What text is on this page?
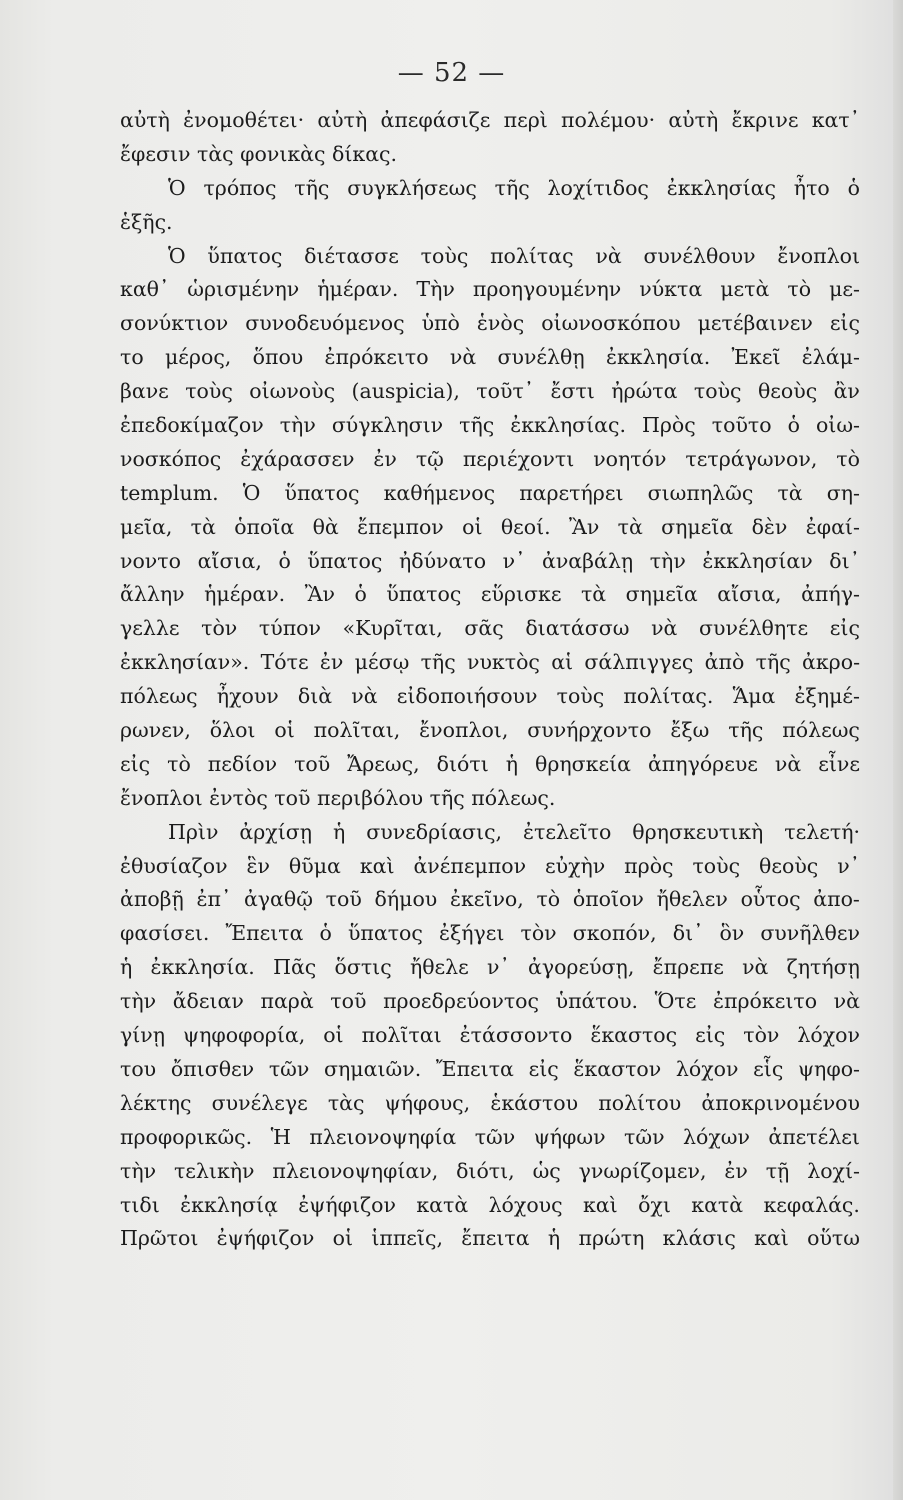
— 52 —
αὐτὴ ἐνομοθέτει· αὐτὴ ἀπεφάσιζε περὶ πολέμου· αὐτὴ ἔκρινε κατ᾽
ἔφεσιν τὰς φονικὰς δίκας.
Ὁ τρόπος τῆς συγκλήσεως τῆς λοχίτιδος ἐκκλησίας ἦτο ὁ
ἑξῆς.
Ὁ ὕπατος διέτασσε τοὺς πολίτας νὰ συνέλθουν ἔνοπλοι
καθ᾽ ὡρισμένην ἡμέραν. Τὴν προηγουμένην νύκτα μετὰ τὸ με-
σονύκτιον συνοδευόμενος ὑπὸ ἑνὸς οἰωνοσκόπου μετέβαινεν εἰς
το μέρος, ὅπου ἐπρόκειτο νὰ συνέλθῃ ἐκκλησία. Ἐκεῖ ἐλάμ-
βανε τοὺς οἰωνοὺς (auspicia), τοῦτ᾽ ἔστι ἠρώτα τοὺς θεοὺς ἂν
ἐπεδοκίμαζον τὴν σύγκλησιν τῆς ἐκκλησίας. Πρὸς τοῦτο ὁ οἰω-
νοσκόπος ἐχάρασσεν ἐν τῷ περιέχοντι νοητόν τετράγωνον, τὸ
templum. Ὁ ὕπατος καθήμενος παρετήρει σιωπηλῶς τὰ ση-
μεῖα, τὰ ὁποῖα θὰ ἔπεμπον οἱ θεοί. Ἂν τὰ σημεῖα δὲν ἐφαί-
νοντο αἴσια, ὁ ὕπατος ἠδύνατο ν᾽ ἀναβάλῃ τὴν ἐκκλησίαν δι᾽
ἄλλην ἡμέραν. Ἂν ὁ ὕπατος εὕρισκε τὰ σημεῖα αἴσια, ἀπήγ-
γελλε τὸν τύπον «Κυρῖται, σᾶς διατάσσω νὰ συνέλθητε εἰς
ἐκκλησίαν». Τότε ἐν μέσῳ τῆς νυκτὸς αἱ σάλπιγγες ἀπὸ τῆς ἀκρο-
πόλεως ἦχουν διὰ νὰ εἰδοποιήσουν τοὺς πολίτας. Ἅμα ἐξημέ-
ρωνεν, ὅλοι οἱ πολῖται, ἔνοπλοι, συνήρχοντο ἔξω τῆς πόλεως
εἰς τὸ πεδίον τοῦ Ἄρεως, διότι ἡ θρησκεία ἀπηγόρευε νὰ εἶνε
ἔνοπλοι ἐντὸς τοῦ περιβόλου τῆς πόλεως.
Πρὶν ἀρχίσῃ ἡ συνεδρίασις, ἐτελεῖτο θρησκευτικὴ τελετή·
ἐθυσίαζον ἓν θῦμα καὶ ἀνέπεμπον εὐχὴν πρὸς τοὺς θεοὺς ν᾽
ἀποβῇ ἐπ᾽ ἀγαθῷ τοῦ δήμου ἐκεῖνο, τὸ ὁποῖον ἤθελεν οὗτος ἀπο-
φασίσει. Ἔπειτα ὁ ὕπατος ἐξήγει τὸν σκοπόν, δι᾽ ὃν συνῆλθεν
ἡ ἐκκλησία. Πᾶς ὅστις ἤθελε ν᾽ ἀγορεύσῃ, ἔπρεπε νὰ ζητήσῃ
τὴν ἄδειαν παρὰ τοῦ προεδρεύοντος ὑπάτου. Ὅτε ἐπρόκειτο νὰ
γίνῃ ψηφοφορία, οἱ πολῖται ἐτάσσοντο ἕκαστος εἰς τὸν λόχον
του ὄπισθεν τῶν σημαιῶν. Ἔπειτα εἰς ἕκαστον λόχον εἷς ψηφο-
λέκτης συνέλεγε τὰς ψήφους, ἑκάστου πολίτου ἀποκρινομένου
προφορικῶς. Ἡ πλειονοψηφία τῶν ψήφων τῶν λόχων ἀπετέλει
τὴν τελικὴν πλειονοψηφίαν, διότι, ὡς γνωρίζομεν, ἐν τῇ λοχί-
τιδι ἐκκλησίᾳ ἐψήφιζον κατὰ λόχους καὶ ὄχι κατὰ κεφαλάς.
Πρῶτοι ἐψήφιζον οἱ ἱππεῖς, ἔπειτα ἡ πρώτη κλάσις καὶ οὕτω
